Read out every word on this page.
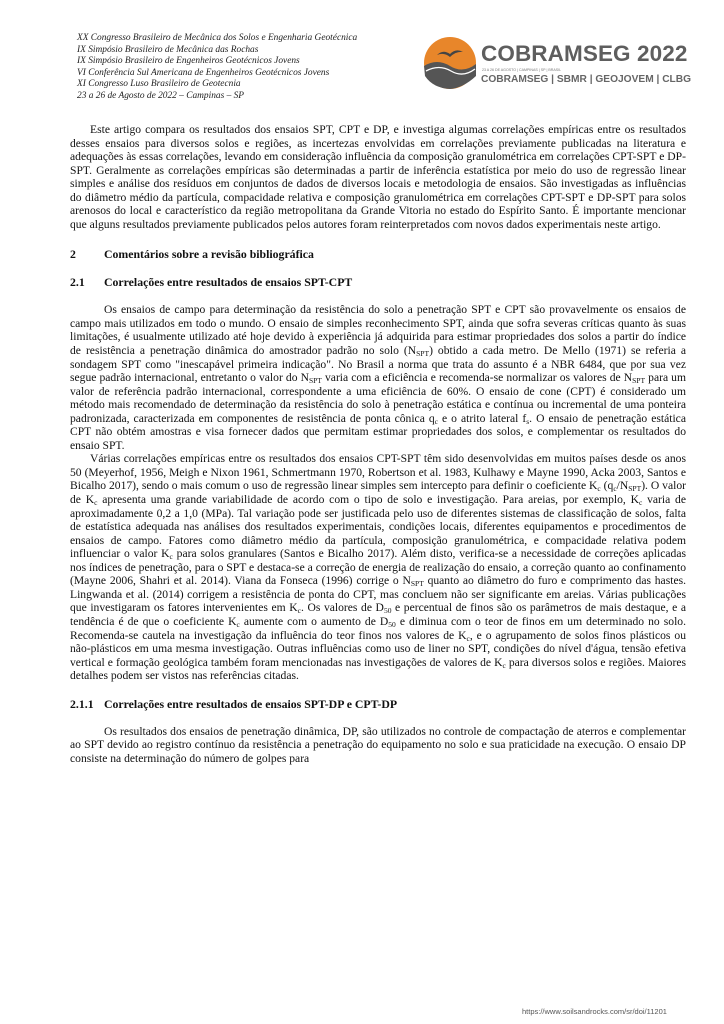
XX Congresso Brasileiro de Mecânica dos Solos e Engenharia Geotécnica
IX Simpósio Brasileiro de Mecânica das Rochas
IX Simpósio Brasileiro de Engenheiros Geotécnicos Jovens
VI Conferência Sul Americana de Engenheiros Geotécnicos Jovens
XI Congresso Luso Brasileiro de Geotecnia
23 a 26 de Agosto de 2022 – Campinas – SP
COBRAMSEG 2022
23 A 26 DE AGOSTO | CAMPINAS | SP | BRASIL
COBRAMSEG | SBMR | GEOJOVEM | CLBG

Este artigo compara os resultados dos ensaios SPT, CPT e DP, e investiga algumas correlações empíricas entre os resultados desses ensaios para diversos solos e regiões, as incertezas envolvidas em correlações previamente publicadas na literatura e adequações às essas correlações, levando em consideração influência da composição granulométrica em correlações CPT-SPT e DP-SPT. Geralmente as correlações empíricas são determinadas a partir de inferência estatística por meio do uso de regressão linear simples e análise dos resíduos em conjuntos de dados de diversos locais e metodologia de ensaios. São investigadas as influências do diâmetro médio da partícula, compacidade relativa e composição granulométrica em correlações CPT-SPT e DP-SPT para solos arenosos do local e característico da região metropolitana da Grande Vitoria no estado do Espírito Santo. É importante mencionar que alguns resultados previamente publicados pelos autores foram reinterpretados com novos dados experimentais neste artigo.

2	Comentários sobre a revisão bibliográfica
2.1	Correlações entre resultados de ensaios SPT-CPT

Os ensaios de campo para determinação da resistência do solo a penetração SPT e CPT são provavelmente os ensaios de campo mais utilizados em todo o mundo. O ensaio de simples reconhecimento SPT, ainda que sofra severas críticas quanto às suas limitações, é usualmente utilizado até hoje devido à experiência já adquirida para estimar propriedades dos solos a partir do índice de resistência a penetração dinâmica do amostrador padrão no solo $(N_{SPT})$ obtido a cada metro. De Mello (1971) se referia a sondagem SPT como "inescapável primeira indicação". No Brasil a norma que trata do assunto é a NBR 6484, que por sua vez segue padrão internacional, entretanto o valor do $N_{SPT}$ varia com a eficiência e recomenda-se normalizar os valores de $N_{SPT}$ para um valor de referência padrão internacional, correspondente a uma eficiência de 60%. O ensaio de cone (CPT) é considerado um método mais recomendado de determinação da resistência do solo à penetração estática e contínua ou incremental de uma ponteira padronizada, caracterizada em componentes de resistência de ponta cônica $q_c$ e o atrito lateral $f_s$. O ensaio de penetração estática CPT não obtém amostras e visa fornecer dados que permitam estimar propriedades dos solos, e complementar os resultados do ensaio SPT.

Várias correlações empíricas entre os resultados dos ensaios CPT-SPT têm sido desenvolvidas em muitos países desde os anos 50 (Meyerhof, 1956, Meigh e Nixon 1961, Schmertmann 1970, Robertson et al. 1983, Kulhawy e Mayne 1990, Acka 2003, Santos e Bicalho 2017), sendo o mais comum o uso de regressão linear simples sem intercepto para definir o coeficiente $K_c$ $(q_c/N_{SPT})$. O valor de $K_c$ apresenta uma grande variabilidade de acordo com o tipo de solo e investigação. Para areias, por exemplo, $K_c$ varia de aproximadamente 0,2 a 1,0 (MPa). Tal variação pode ser justificada pelo uso de diferentes sistemas de classificação de solos, falta de estatística adequada nas análises dos resultados experimentais, condições locais, diferentes equipamentos e procedimentos de ensaios de campo. Fatores como diâmetro médio da partícula, composição granulométrica, e compacidade relativa podem influenciar o valor $K_c$ para solos granulares (Santos e Bicalho 2017). Além disto, verifica-se a necessidade de correções aplicadas nos índices de penetração, para o SPT e destaca-se a correção de energia de realização do ensaio, a correção quanto ao confinamento (Mayne 2006, Shahri et al. 2014). Viana da Fonseca (1996) corrige o $N_{SPT}$ quanto ao diâmetro do furo e comprimento das hastes. Lingwanda et al. (2014) corrigem a resistência de ponta do CPT, mas concluem não ser significante em areias. Várias publicações que investigaram os fatores intervenientes em $K_c$. Os valores de $D_{50}$ e percentual de finos são os parâmetros de mais destaque, e a tendência é de que o coeficiente $K_c$ aumente com o aumento de $D_{50}$ e diminua com o teor de finos em um determinado no solo. Recomenda-se cautela na investigação da influência do teor finos nos valores de $K_c$, e o agrupamento de solos finos plásticos ou não-plásticos em uma mesma investigação. Outras influências como uso de liner no SPT, condições do nível d'água, tensão efetiva vertical e formação geológica também foram mencionadas nas investigações de valores de $K_c$ para diversos solos e regiões. Maiores detalhes podem ser vistos nas referências citadas.

2.1.1 Correlações entre resultados de ensaios SPT-DP e CPT-DP

Os resultados dos ensaios de penetração dinâmica, DP, são utilizados no controle de compactação de aterros e complementar ao SPT devido ao registro contínuo da resistência a penetração do equipamento no solo e sua praticidade na execução. O ensaio DP consiste na determinação do número de golpes para

https://www.soilsandrocks.com/sr/doi/11201
